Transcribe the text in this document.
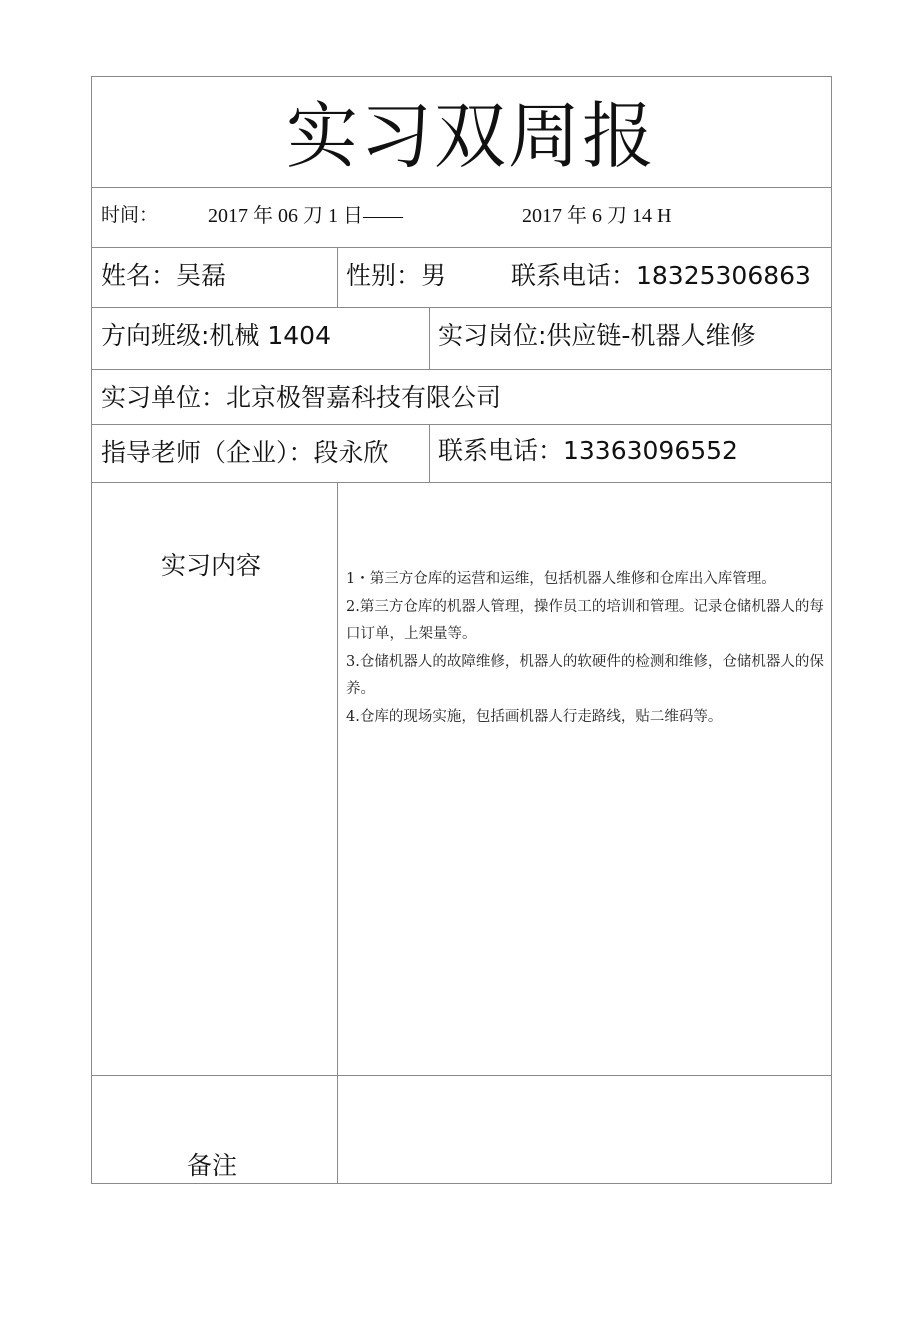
实习双周报
时间： 2017 年 06 刀 1 日——	2017 年 6 刀 14 H
姓名：吴磊	性别：男	联系电话：18325306863
方向班级:机械 1404	实习岗位:供应链-机器人维修
实习单位：北京极智嘉科技有限公司
指导老师（企业）：段永欣 联系电话：13363096552
实习内容	1・第三方仓库的运营和运维，包括机器人维修和仓库出入库管理。

2.第三方仓库的机器人管理，操作员工的培训和管理。记录仓储机器人的每口订单，上架量等。

3.仓储机器人的故障维修，机器人的软硬件的检测和维修，仓储机器人的保养。

4.仓库的现场实施，包括画机器人行走路线，贴二维码等。

备注
